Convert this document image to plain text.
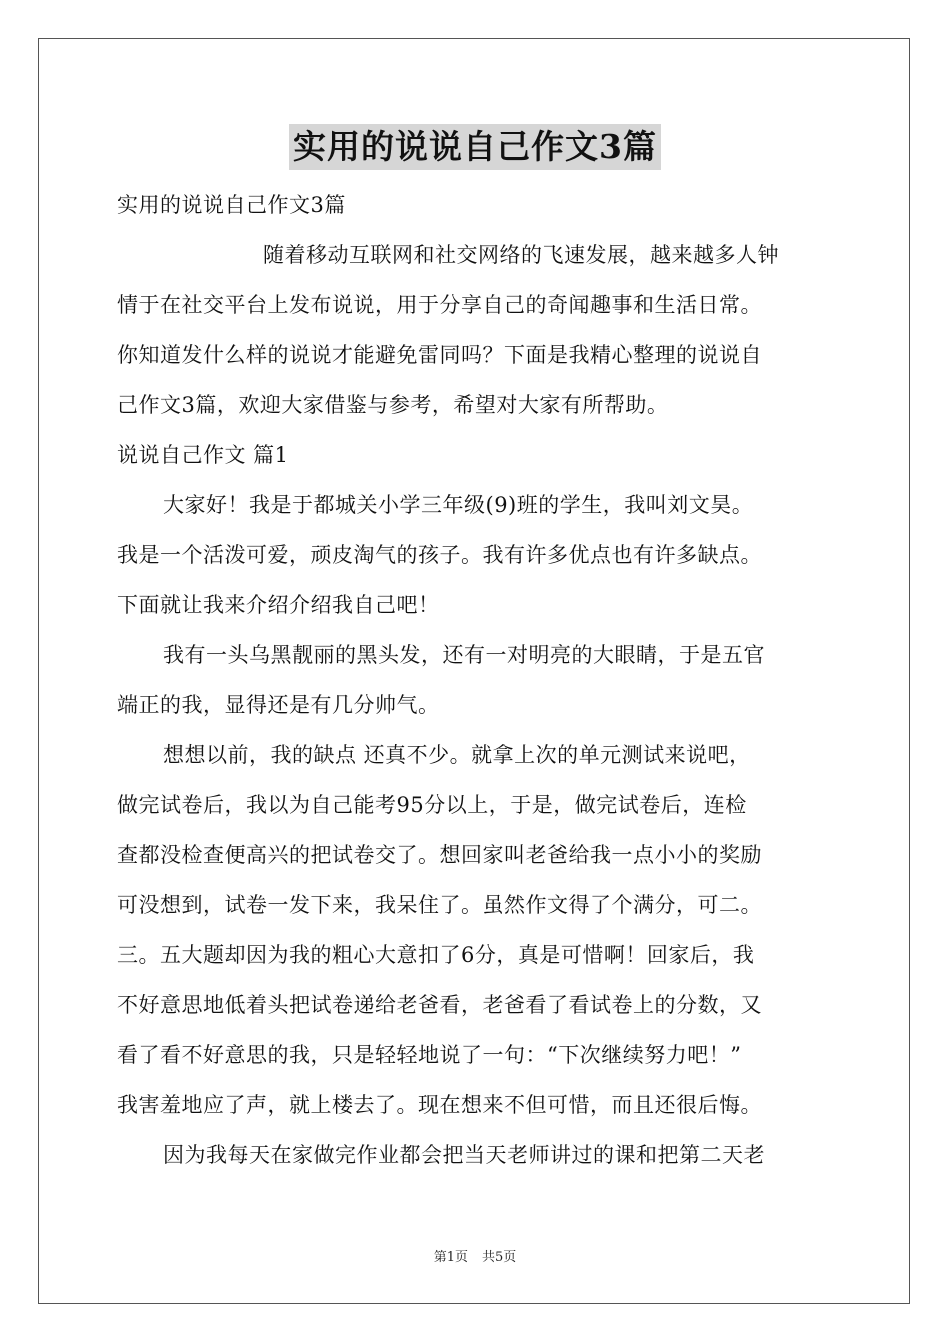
实用的说说自己作文3篇

实用的说说自己作文3篇

随着移动互联网和社交网络的飞速发展，越来越多人钟
情于在社交平台上发布说说，用于分享自己的奇闻趣事和生活日常。
你知道发什么样的说说才能避免雷同吗？下面是我精心整理的说说自
己作文3篇，欢迎大家借鉴与参考，希望对大家有所帮助。

说说自己作文 篇1

大家好！我是于都城关小学三年级(9)班的学生，我叫刘文昊。
我是一个活泼可爱，顽皮淘气的孩子。我有许多优点也有许多缺点。
下面就让我来介绍介绍我自己吧！

我有一头乌黑靓丽的黑头发，还有一对明亮的大眼睛，于是五官
端正的我，显得还是有几分帅气。

想想以前，我的缺点 还真不少。就拿上次的单元测试来说吧，
做完试卷后，我以为自己能考95分以上，于是，做完试卷后，连检
查都没检查便高兴的把试卷交了。想回家叫老爸给我一点小小的奖励
可没想到，试卷一发下来，我呆住了。虽然作文得了个满分，可二。
三。五大题却因为我的粗心大意扣了6分，真是可惜啊！回家后，我
不好意思地低着头把试卷递给老爸看，老爸看了看试卷上的分数，又
看了看不好意思的我，只是轻轻地说了一句：“下次继续努力吧！”
我害羞地应了声，就上楼去了。现在想来不但可惜，而且还很后悔。

因为我每天在家做完作业都会把当天老师讲过的课和把第二天老

第1页 共5页
